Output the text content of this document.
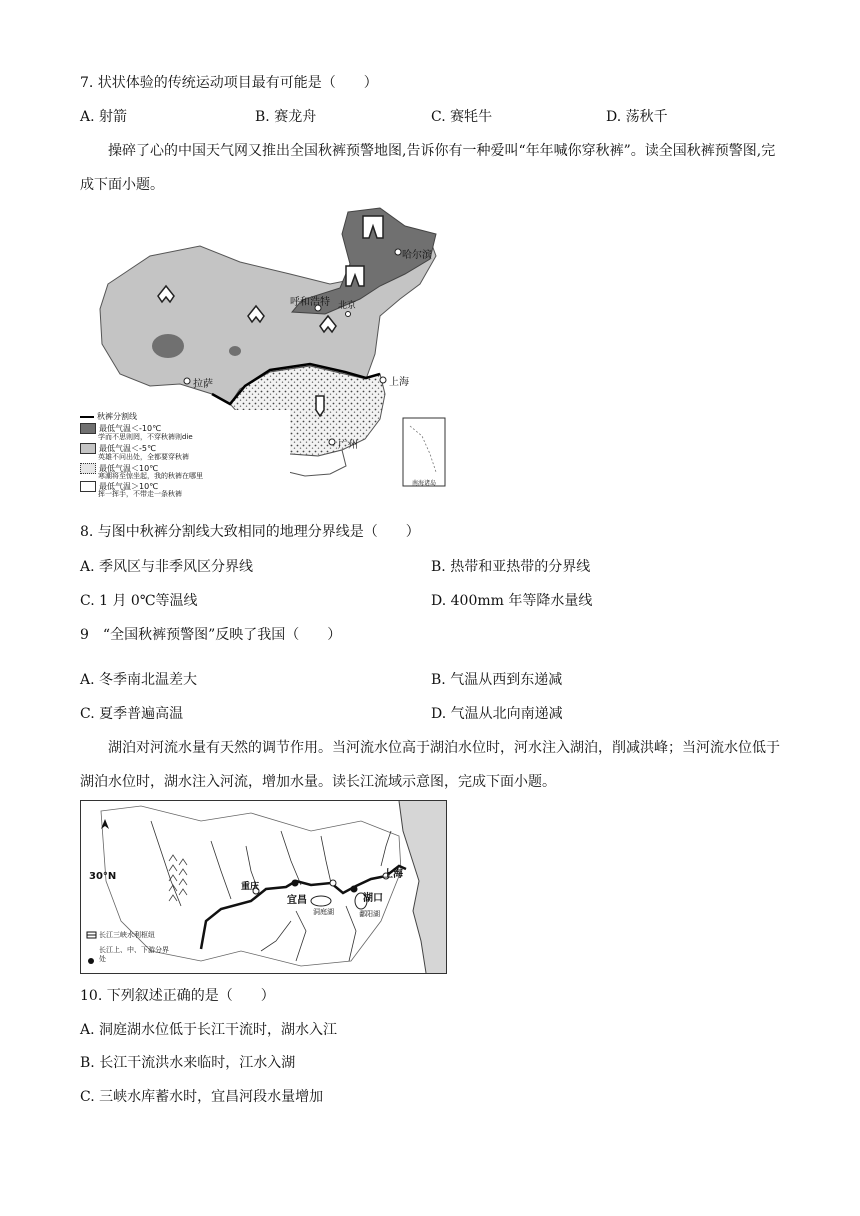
7. 状状体验的传统运动项目最有可能是（　　）
A. 射箭	B. 赛龙舟	C. 赛牦牛	D. 荡秋千
操碎了心的中国天气网又推出全国秋裤预警地图,告诉你有一种爱叫“年年喊你穿秋裤”。读全国秋裤预警图,完成下面小题。
哈尔滨
呼和浩特 北京
上海
拉萨
广州
南海诸岛
秋裤分割线
最低气温＜-10℃
学而不思则罔，不穿秋裤则die
最低气温＜-5℃
英雄不问出处，全都要穿秋裤
最低气温＜10℃
寒潮将至惊坐起，我的秋裤在哪里
最低气温＞10℃
挥一挥手，不带走一条秋裤
8. 与图中秋裤分割线大致相同的地理分界线是（　　）
A. 季风区与非季风区分界线	B. 热带和亚热带的分界线
C. 1 月 0℃等温线	D. 400mm 年等降水量线
9　“全国秋裤预警图”反映了我国（　　）
A. 冬季南北温差大	B. 气温从西到东递减
C. 夏季普遍高温	D. 气温从北向南递减
湖泊对河流水量有天然的调节作用。当河流水位高于湖泊水位时，河水注入湖泊，削减洪峰；当河流水位低于湖泊水位时，湖水注入河流，增加水量。读长江流域示意图，完成下面小题。
30°N
重庆
宜昌	湖口
上海
洞庭湖	鄱阳湖
长江三峡水利枢纽
长江上、中、下游分界处
10. 下列叙述正确的是（　　）
A. 洞庭湖水位低于长江干流时，湖水入江
B. 长江干流洪水来临时，江水入湖
C. 三峡水库蓄水时，宜昌河段水量增加
